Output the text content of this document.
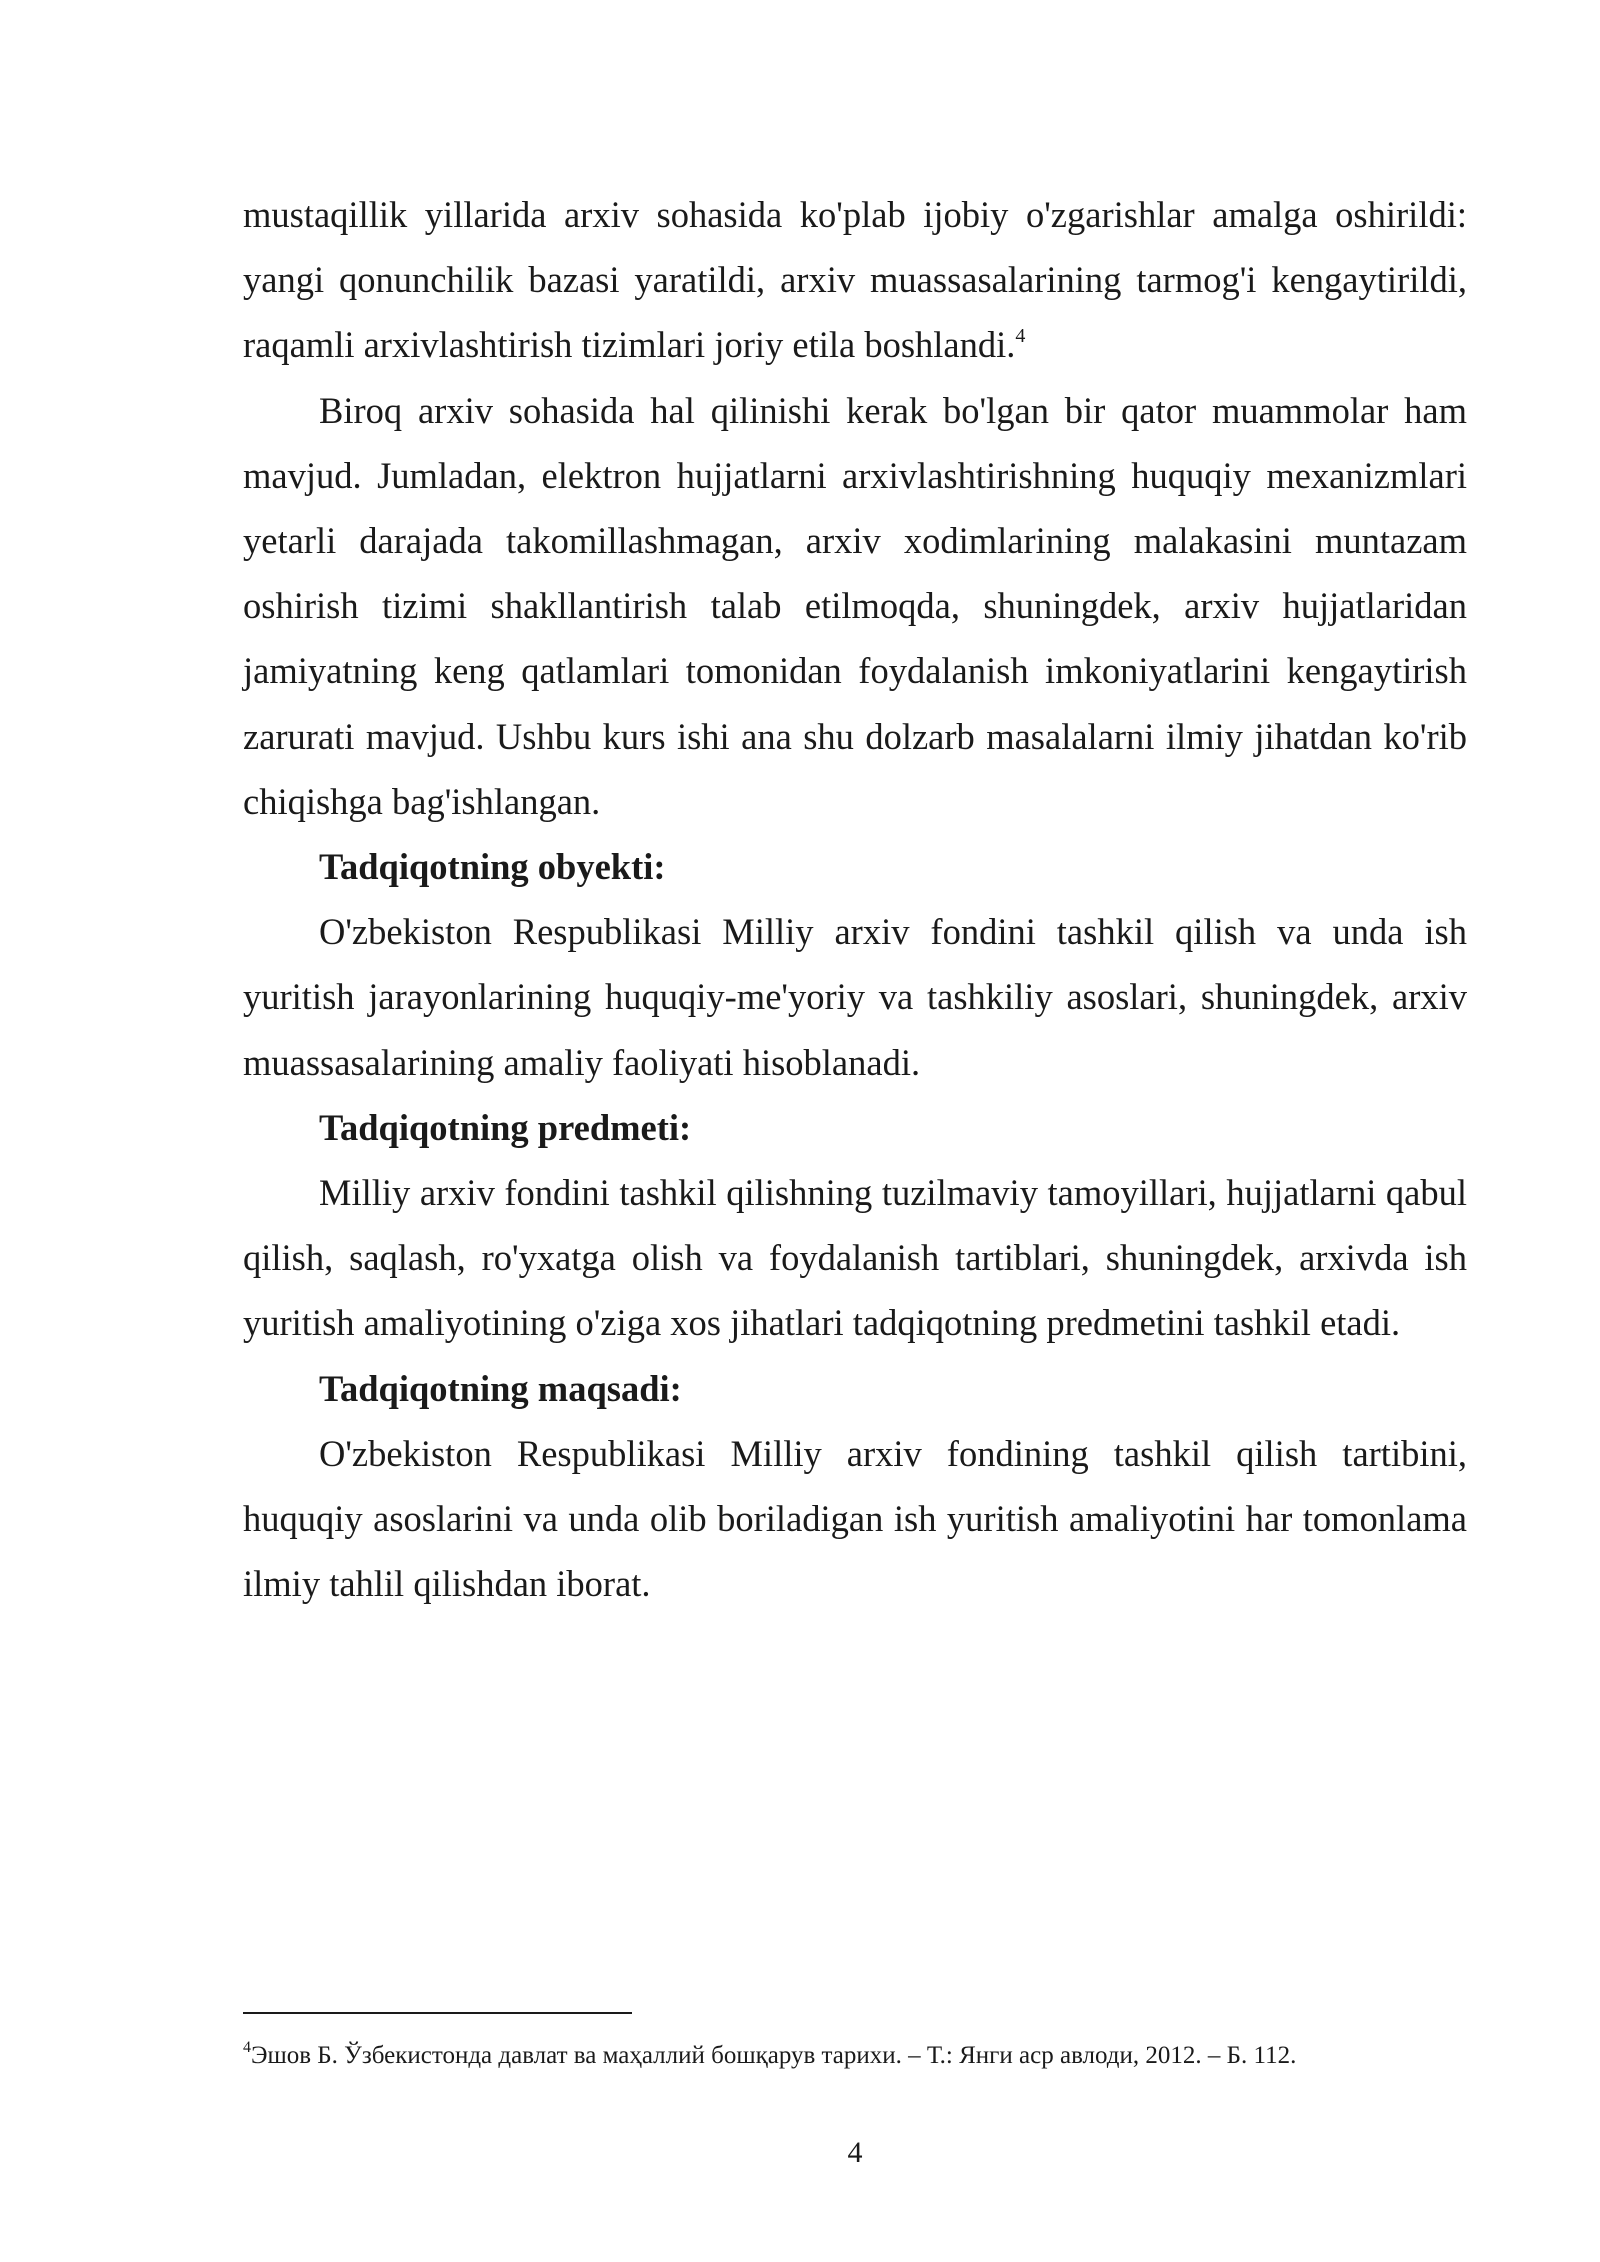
mustaqillik yillarida arxiv sohasida ko'plab ijobiy o'zgarishlar amalga oshirildi: yangi qonunchilik bazasi yaratildi, arxiv muassasalarining tarmog'i kengaytirildi, raqamli arxivlashtirish tizimlari joriy etila boshlandi.$^4$

Biroq arxiv sohasida hal qilinishi kerak bo'lgan bir qator muammolar ham mavjud. Jumladan, elektron hujjatlarni arxivlashtirishning huquqiy mexanizmlari yetarli darajada takomillashmagan, arxiv xodimlarining malakasini muntazam oshirish tizimi shakllantirish talab etilmoqda, shuningdek, arxiv hujjatlaridan jamiyatning keng qatlamlari tomonidan foydalanish imkoniyatlarini kengaytirish zarurati mavjud. Ushbu kurs ishi ana shu dolzarb masalalarni ilmiy jihatdan ko'rib chiqishga bag'ishlangan.

Tadqiqotning obyekti:

O'zbekiston Respublikasi Milliy arxiv fondini tashkil qilish va unda ish yuritish jarayonlarining huquqiy-me'yoriy va tashkiliy asoslari, shuningdek, arxiv muassasalarining amaliy faoliyati hisoblanadi.

Tadqiqotning predmeti:

Milliy arxiv fondini tashkil qilishning tuzilmaviy tamoyillari, hujjatlarni qabul qilish, saqlash, ro'yxatga olish va foydalanish tartiblari, shuningdek, arxivda ish yuritish amaliyotining o'ziga xos jihatlari tadqiqotning predmetini tashkil etadi.

Tadqiqotning maqsadi:

O'zbekiston Respublikasi Milliy arxiv fondining tashkil qilish tartibini, huquqiy asoslarini va unda olib boriladigan ish yuritish amaliyotini har tomonlama ilmiy tahlil qilishdan iborat.

$^4$Эшов Б. Ўзбекистонда давлат ва маҳаллий бошқарув тарихи. – Т.: Янги аср авлоди, 2012. – Б. 112.
4
